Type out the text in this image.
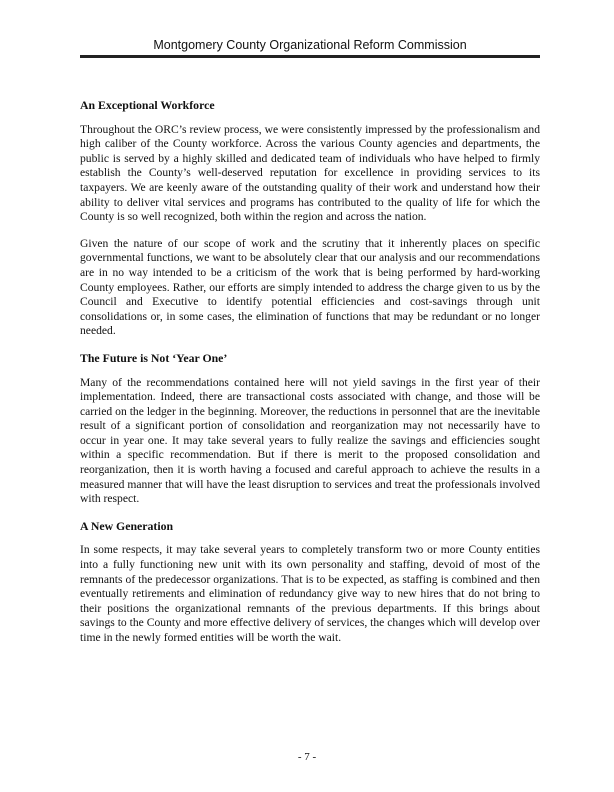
Montgomery County Organizational Reform Commission
An Exceptional Workforce

Throughout the ORC’s review process, we were consistently impressed by the professionalism and high caliber of the County workforce. Across the various County agencies and departments, the public is served by a highly skilled and dedicated team of individuals who have helped to firmly establish the County’s well-deserved reputation for excellence in providing services to its taxpayers. We are keenly aware of the outstanding quality of their work and understand how their ability to deliver vital services and programs has contributed to the quality of life for which the County is so well recognized, both within the region and across the nation.

Given the nature of our scope of work and the scrutiny that it inherently places on specific governmental functions, we want to be absolutely clear that our analysis and our recommendations are in no way intended to be a criticism of the work that is being performed by hard-working County employees. Rather, our efforts are simply intended to address the charge given to us by the Council and Executive to identify potential efficiencies and cost-savings through unit consolidations or, in some cases, the elimination of functions that may be redundant or no longer needed.

The Future is Not ‘Year One’

Many of the recommendations contained here will not yield savings in the first year of their implementation. Indeed, there are transactional costs associated with change, and those will be carried on the ledger in the beginning. Moreover, the reductions in personnel that are the inevitable result of a significant portion of consolidation and reorganization may not necessarily have to occur in year one. It may take several years to fully realize the savings and efficiencies sought within a specific recommendation. But if there is merit to the proposed consolidation and reorganization, then it is worth having a focused and careful approach to achieve the results in a measured manner that will have the least disruption to services and treat the professionals involved with respect.

A New Generation

In some respects, it may take several years to completely transform two or more County entities into a fully functioning new unit with its own personality and staffing, devoid of most of the remnants of the predecessor organizations. That is to be expected, as staffing is combined and then eventually retirements and elimination of redundancy give way to new hires that do not bring to their positions the organizational remnants of the previous departments. If this brings about savings to the County and more effective delivery of services, the changes which will develop over time in the newly formed entities will be worth the wait.

- 7 -
